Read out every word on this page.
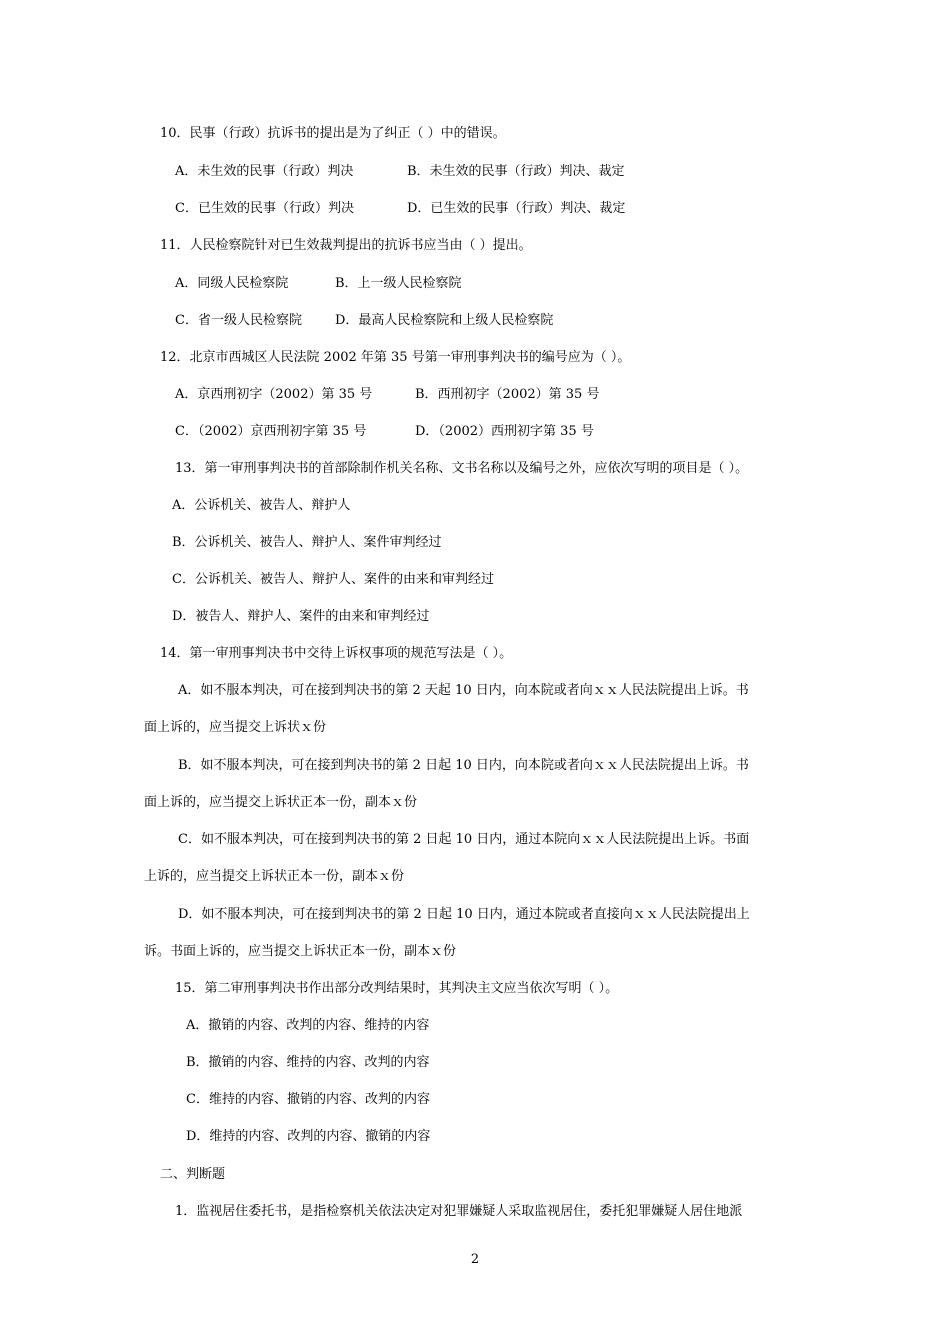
10．民事（行政）抗诉书的提出是为了纠正（ ）中的错误。

A．未生效的民事（行政）判决	B．未生效的民事（行政）判决、裁定

C．已生效的民事（行政）判决	D．已生效的民事（行政）判决、裁定

11．人民检察院针对已生效裁判提出的抗诉书应当由（ ）提出。

A．同级人民检察院	B．上一级人民检察院

C．省一级人民检察院	D．最高人民检察院和上级人民检察院

12．北京市西城区人民法院 2002 年第 35 号第一审刑事判决书的编号应为（ ）。

A．京西刑初字（2002）第 35 号	B．西刑初字（2002）第 35 号

C．（2002）京西刑初字第 35 号	D．（2002）西刑初字第 35 号

13．第一审刑事判决书的首部除制作机关名称、文书名称以及编号之外，应依次写明的项目是（ ）。

A．公诉机关、被告人、辩护人

B．公诉机关、被告人、辩护人、案件审判经过

C．公诉机关、被告人、辩护人、案件的由来和审判经过

D．被告人、辩护人、案件的由来和审判经过

14．第一审刑事判决书中交待上诉权事项的规范写法是（ ）。

A．如不服本判决，可在接到判决书的第 2 天起 10 日内，向本院或者向ｘｘ人民法院提出上诉。书

面上诉的，应当提交上诉状ｘ份

B．如不服本判决，可在接到判决书的第 2 日起 10 日内，向本院或者向ｘｘ人民法院提出上诉。书

面上诉的，应当提交上诉状正本一份，副本ｘ份

C．如不服本判决，可在接到判决书的第 2 日起 10 日内，通过本院向ｘｘ人民法院提出上诉。书面

上诉的，应当提交上诉状正本一份，副本ｘ份

D．如不服本判决，可在接到判决书的第 2 日起 10 日内，通过本院或者直接向ｘｘ人民法院提出上

诉。书面上诉的，应当提交上诉状正本一份，副本ｘ份

15．第二审刑事判决书作出部分改判结果时，其判决主文应当依次写明（ ）。

A．撤销的内容、改判的内容、维持的内容

B．撤销的内容、维持的内容、改判的内容

C．维持的内容、撤销的内容、改判的内容

D．维持的内容、改判的内容、撤销的内容

二、判断题

1．监视居住委托书，是指检察机关依法决定对犯罪嫌疑人采取监视居住，委托犯罪嫌疑人居住地派

2
